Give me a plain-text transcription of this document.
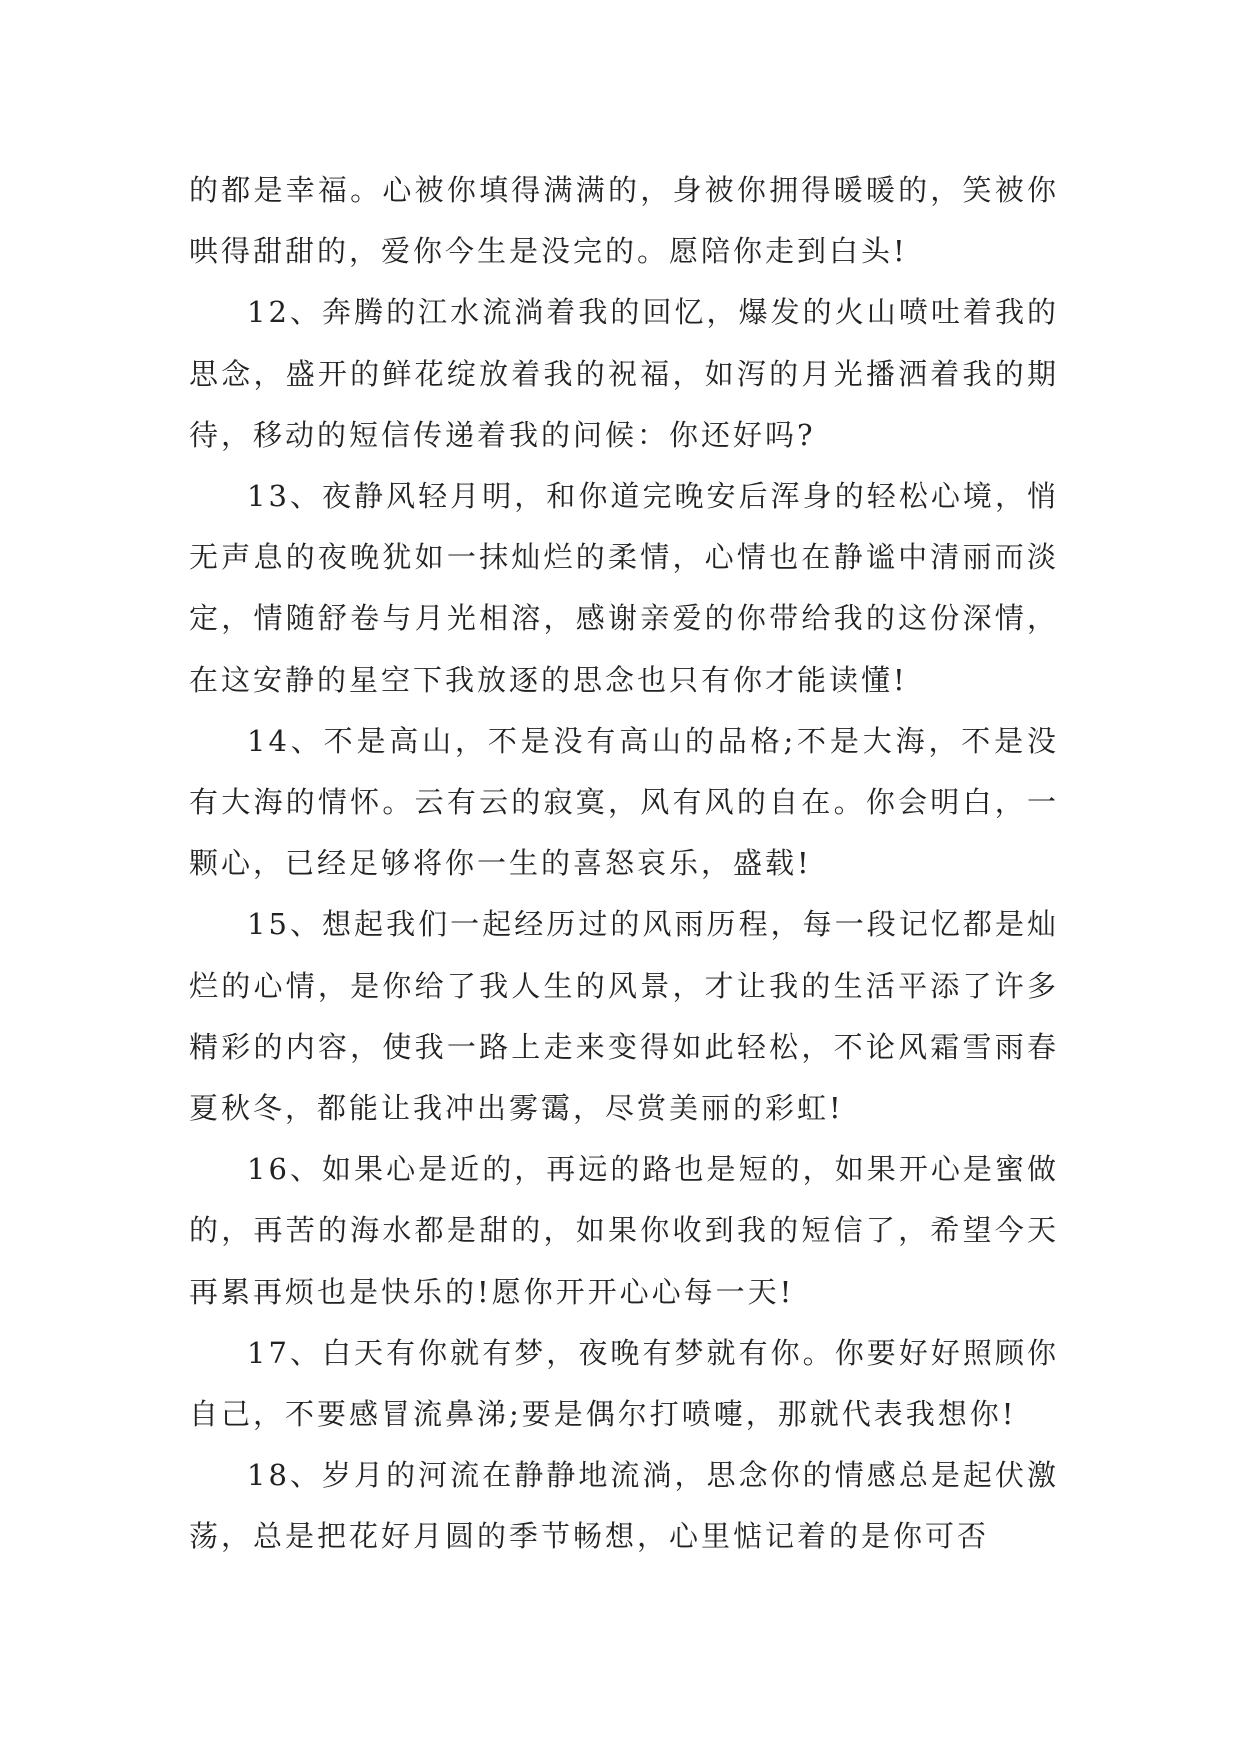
的都是幸福。心被你填得满满的，身被你拥得暖暖的，笑被你哄得甜甜的，爱你今生是没完的。愿陪你走到白头!

12、奔腾的江水流淌着我的回忆，爆发的火山喷吐着我的思念，盛开的鲜花绽放着我的祝福，如泻的月光播洒着我的期待，移动的短信传递着我的问候：你还好吗?

13、夜静风轻月明，和你道完晚安后浑身的轻松心境，悄无声息的夜晚犹如一抹灿烂的柔情，心情也在静谧中清丽而淡定，情随舒卷与月光相溶，感谢亲爱的你带给我的这份深情，在这安静的星空下我放逐的思念也只有你才能读懂!

14、不是高山，不是没有高山的品格;不是大海，不是没有大海的情怀。云有云的寂寞，风有风的自在。你会明白，一颗心，已经足够将你一生的喜怒哀乐，盛载!

15、想起我们一起经历过的风雨历程，每一段记忆都是灿烂的心情，是你给了我人生的风景，才让我的生活平添了许多精彩的内容，使我一路上走来变得如此轻松，不论风霜雪雨春夏秋冬，都能让我冲出雾霭，尽赏美丽的彩虹!

16、如果心是近的，再远的路也是短的，如果开心是蜜做的，再苦的海水都是甜的，如果你收到我的短信了，希望今天再累再烦也是快乐的!愿你开开心心每一天!

17、白天有你就有梦，夜晚有梦就有你。你要好好照顾你自己，不要感冒流鼻涕;要是偶尔打喷嚏，那就代表我想你!

18、岁月的河流在静静地流淌，思念你的情感总是起伏激荡，总是把花好月圆的季节畅想，心里惦记着的是你可否
